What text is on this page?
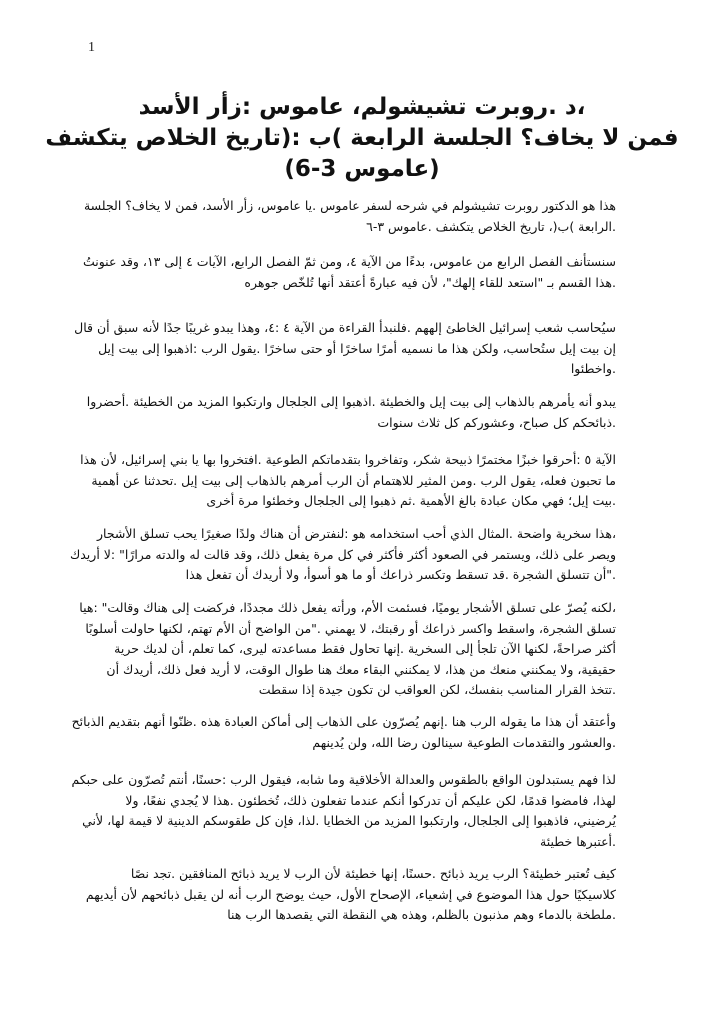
1

،د .روبرت تشيشولم، عاموس :زأر الأسد

فمن لا يخاف؟ الجلسة الرابعة )ب :(تاريخ الخلاص يتكشف

(عاموس 3-6)

هذا هو الدكتور روبرت تشيشولم في شرحه لسفر عاموس .يا عاموس، زأر الأسد، فمن لا يخاف؟ الجلسة
.الرابعة )ب(، تاريخ الخلاص يتكشف .عاموس ٣-٦
سنستأنف الفصل الرابع من عاموس، بدءًا من الآية ٤، ومن ثمّ الفصل الرابع، الآيات ٤ إلى ١٣، وقد عنونتُ
.هذا القسم بـ "استعد للقاء إلهك"، لأن فيه عبارةً أعتقد أنها تُلخّص جوهره
سيُحاسب شعب إسرائيل الخاطئ إلههم .فلنبدأ القراءة من الآية ٤ :٤، وهذا يبدو غريبًا جدًا لأنه سبق أن قال
إن بيت إيل ستُحاسب، ولكن هذا ما نسميه أمرًا ساخرًا أو حتى ساخرًا .يقول الرب :اذهبوا إلى بيت إيل
.واخطئوا
يبدو أنه يأمرهم بالذهاب إلى بيت إيل والخطيئة .اذهبوا إلى الجلجال وارتكبوا المزيد من الخطيئة .أحضروا
.ذبائحكم كل صباح، وعشوركم كل ثلاث سنوات
الآية ٥ :أحرقوا خبزًا مختمرًا ذبيحة شكر، وتفاخروا بتقدماتكم الطوعية .افتخروا بها يا بني إسرائيل، لأن هذا
ما تحبون فعله، يقول الرب .ومن المثير للاهتمام أن الرب أمرهم بالذهاب إلى بيت إيل .تحدثنا عن أهمية
.بيت إيل؛ فهي مكان عبادة بالغ الأهمية .ثم ذهبوا إلى الجلجال وخطئوا مرة أخرى
،هذا سخرية واضحة .المثال الذي أحب استخدامه هو :لنفترض أن هناك ولدًا صغيرًا يحب تسلق الأشجار
ويصر على ذلك، ويستمر في الصعود أكثر فأكثر في كل مرة يفعل ذلك، وقد قالت له والدته مرارًا" :لا أريدك
."أن تتسلق الشجرة .قد تسقط وتكسر ذراعك أو ما هو أسوأ، ولا أريدك أن تفعل هذا
،لكنه يُصرّ على تسلق الأشجار يوميًا، فسئمت الأم، ورأته يفعل ذلك مجددًا، فركضت إلى هناك وقالت" :هيا
تسلق الشجرة، واسقط واكسر ذراعك أو رقبتك، لا يهمني ."من الواضح أن الأم تهتم، لكنها حاولت أسلوبًا
أكثر صراحةً، لكنها الآن تلجأ إلى السخرية .إنها تحاول فقط مساعدته ليرى، كما تعلم، أن لديك حرية
حقيقية، ولا يمكنني منعك من هذا، لا يمكنني البقاء معك هنا طوال الوقت، لا أريد فعل ذلك، أريدك أن
.تتخذ القرار المناسب بنفسك، لكن العواقب لن تكون جيدة إذا سقطت
وأعتقد أن هذا ما يقوله الرب هنا .إنهم يُصرّون على الذهاب إلى أماكن العبادة هذه .ظنّوا أنهم بتقديم الذبائح
.والعشور والتقدمات الطوعية سينالون رضا الله، ولن يُدينهم
لذا فهم يستبدلون الواقع بالطقوس والعدالة الأخلاقية وما شابه، فيقول الرب :حسنًا، أنتم تُصرّون على حبكم
لهذا، فامضوا قدمًا، لكن عليكم أن تدركوا أنكم عندما تفعلون ذلك، تُخطئون .هذا لا يُجدي نفعًا، ولا
يُرضيني، فاذهبوا إلى الجلجال، وارتكبوا المزيد من الخطايا .لذا، فإن كل طقوسكم الدينية لا قيمة لها، لأني
.أعتبرها خطيئة
كيف تُعتبر خطيئة؟ الرب يريد ذبائح .حسنًا، إنها خطيئة لأن الرب لا يريد ذبائح المنافقين .تجد نصًا
كلاسيكيًا حول هذا الموضوع في إشعياء، الإصحاح الأول، حيث يوضح الرب أنه لن يقبل ذبائحهم لأن أيديهم
.ملطخة بالدماء وهم مذنبون بالظلم، وهذه هي النقطة التي يقصدها الرب هنا
